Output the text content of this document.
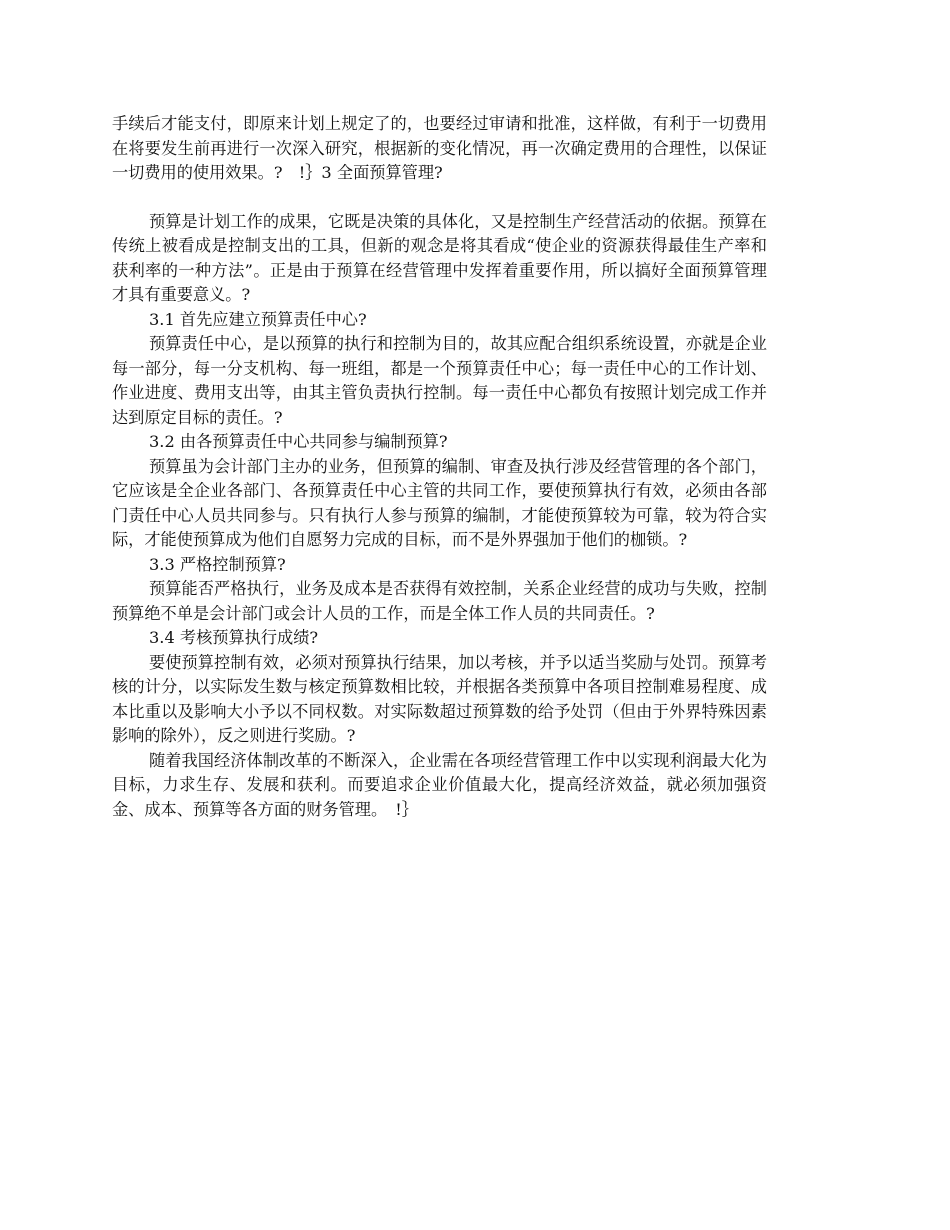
手续后才能支付，即原来计划上规定了的，也要经过审请和批准，这样做，有利于一切费用在将要发生前再进行一次深入研究，根据新的变化情况，再一次确定费用的合理性，以保证一切费用的使用效果。?　!｝3 全面预算管理?

预算是计划工作的成果，它既是决策的具体化，又是控制生产经营活动的依据。预算在传统上被看成是控制支出的工具，但新的观念是将其看成“使企业的资源获得最佳生产率和获利率的一种方法”。正是由于预算在经营管理中发挥着重要作用，所以搞好全面预算管理才具有重要意义。?

3.1 首先应建立预算责任中心?

预算责任中心，是以预算的执行和控制为目的，故其应配合组织系统设置，亦就是企业每一部分，每一分支机构、每一班组，都是一个预算责任中心；每一责任中心的工作计划、作业进度、费用支出等，由其主管负责执行控制。每一责任中心都负有按照计划完成工作并达到原定目标的责任。?

3.2 由各预算责任中心共同参与编制预算?

预算虽为会计部门主办的业务，但预算的编制、审查及执行涉及经营管理的各个部门，它应该是全企业各部门、各预算责任中心主管的共同工作，要使预算执行有效，必须由各部门责任中心人员共同参与。只有执行人参与预算的编制，才能使预算较为可靠，较为符合实际，才能使预算成为他们自愿努力完成的目标，而不是外界强加于他们的枷锁。?

3.3 严格控制预算?

预算能否严格执行，业务及成本是否获得有效控制，关系企业经营的成功与失败，控制预算绝不单是会计部门或会计人员的工作，而是全体工作人员的共同责任。?

3.4 考核预算执行成绩?

要使预算控制有效，必须对预算执行结果，加以考核，并予以适当奖励与处罚。预算考核的计分，以实际发生数与核定预算数相比较，并根据各类预算中各项目控制难易程度、成本比重以及影响大小予以不同权数。对实际数超过预算数的给予处罚（但由于外界特殊因素影响的除外），反之则进行奖励。?

随着我国经济体制改革的不断深入，企业需在各项经营管理工作中以实现利润最大化为目标，力求生存、发展和获利。而要追求企业价值最大化，提高经济效益，就必须加强资金、成本、预算等各方面的财务管理。　!｝
